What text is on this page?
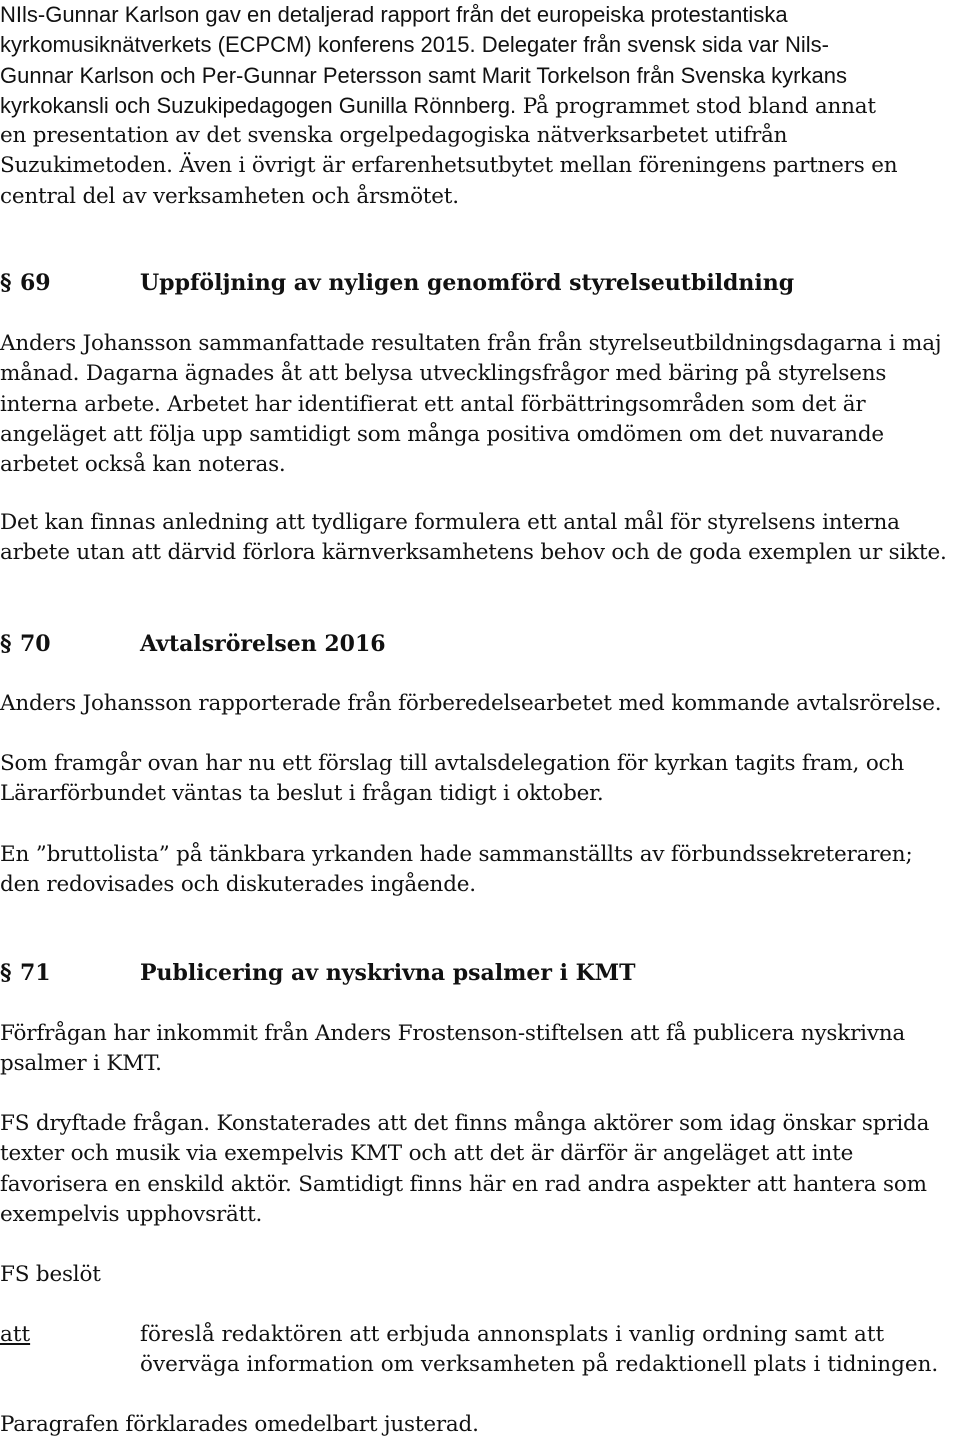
NIls-Gunnar Karlson gav en detaljerad rapport från det europeiska protestantiska
kyrkomusiknätverkets (ECPCM) konferens 2015. Delegater från svensk sida var Nils-
Gunnar Karlson och Per-Gunnar Petersson samt Marit Torkelson från Svenska kyrkans
kyrkokansli och Suzukipedagogen Gunilla Rönnberg. På programmet stod bland annat
en presentation av det svenska orgelpedagogiska nätverksarbetet utifrån
Suzukimetoden. Även i övrigt är erfarenhetsutbytet mellan föreningens partners en
central del av verksamheten och årsmötet.
§ 69	Uppföljning av nyligen genomförd styrelseutbildning
Anders Johansson sammanfattade resultaten från från styrelseutbildningsdagarna i maj
månad. Dagarna ägnades åt att belysa utvecklingsfrågor med bäring på styrelsens
interna arbete. Arbetet har identifierat ett antal förbättringsområden som det är
angeläget att följa upp samtidigt som många positiva omdömen om det nuvarande
arbetet också kan noteras.
Det kan finnas anledning att tydligare formulera ett antal mål för styrelsens interna
arbete utan att därvid förlora kärnverksamhetens behov och de goda exemplen ur sikte.
§ 70	Avtalsrörelsen 2016
Anders Johansson rapporterade från förberedelsearbetet med kommande avtalsrörelse.
Som framgår ovan har nu ett förslag till avtalsdelegation för kyrkan tagits fram, och
Lärarförbundet väntas ta beslut i frågan tidigt i oktober.
En ”bruttolista” på tänkbara yrkanden hade sammanställts av förbundssekreteraren;
den redovisades och diskuterades ingående.
§ 71	Publicering av nyskrivna psalmer i KMT
Förfrågan har inkommit från Anders Frostenson-stiftelsen att få publicera nyskrivna
psalmer i KMT.
FS dryftade frågan. Konstaterades att det finns många aktörer som idag önskar sprida
texter och musik via exempelvis KMT och att det är därför är angeläget att inte
favorisera en enskild aktör. Samtidigt finns här en rad andra aspekter att hantera som
exempelvis upphovsrätt.
FS beslöt
att	föreslå redaktören att erbjuda annonsplats i vanlig ordning samt att
överväga information om verksamheten på redaktionell plats i tidningen.
Paragrafen förklarades omedelbart justerad.
